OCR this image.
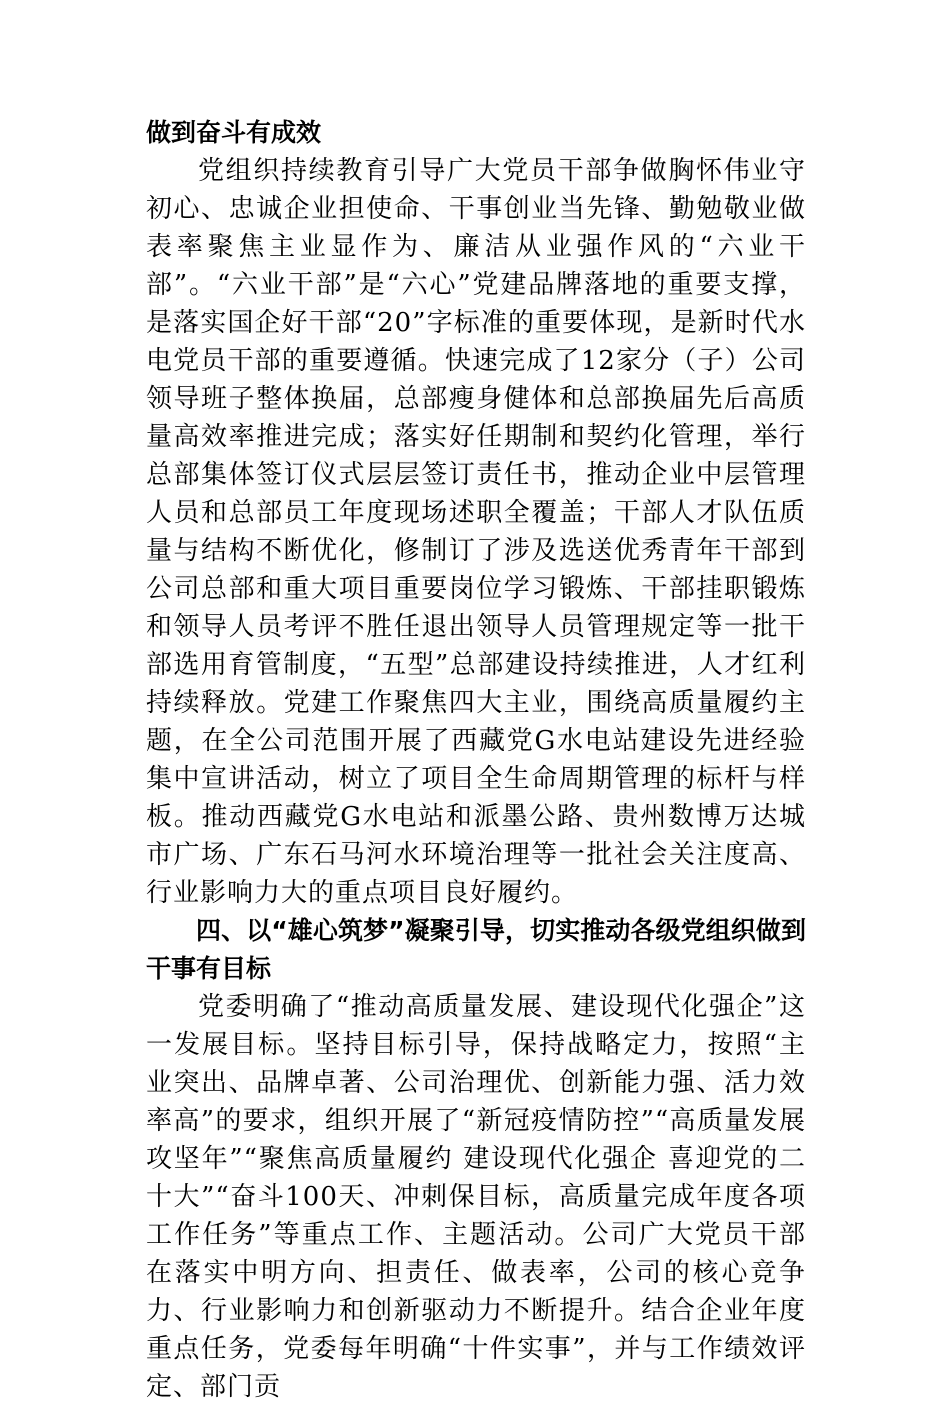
做到奋斗有成效

党组织持续教育引导广大党员干部争做胸怀伟业守初心、忠诚企业担使命、干事创业当先锋、勤勉敬业做表率聚焦主业显作为、廉洁从业强作风的“六业干部”。“六业干部”是“六心”党建品牌落地的重要支撑，是落实国企好干部“20”字标准的重要体现，是新时代水电党员干部的重要遵循。快速完成了12家分（子）公司领导班子整体换届，总部瘦身健体和总部换届先后高质量高效率推进完成；落实好任期制和契约化管理，举行总部集体签订仪式层层签订责任书，推动企业中层管理人员和总部员工年度现场述职全覆盖；干部人才队伍质量与结构不断优化，修制订了涉及选送优秀青年干部到公司总部和重大项目重要岗位学习锻炼、干部挂职锻炼和领导人员考评不胜任退出领导人员管理规定等一批干部选用育管制度，“五型”总部建设持续推进，人才红利持续释放。党建工作聚焦四大主业，围绕高质量履约主题，在全公司范围开展了西藏党G水电站建设先进经验集中宣讲活动，树立了项目全生命周期管理的标杆与样板。推动西藏党G水电站和派墨公路、贵州数博万达城市广场、广东石马河水环境治理等一批社会关注度高、行业影响力大的重点项目良好履约。

四、以“雄心筑梦”凝聚引导，切实推动各级党组织做到干事有目标

党委明确了“推动高质量发展、建设现代化强企”这一发展目标。坚持目标引导，保持战略定力，按照“主业突出、品牌卓著、公司治理优、创新能力强、活力效率高”的要求，组织开展了“新冠疫情防控”“高质量发展攻坚年”“聚焦高质量履约 建设现代化强企 喜迎党的二十大”“奋斗100天、冲刺保目标，高质量完成年度各项工作任务”等重点工作、主题活动。公司广大党员干部在落实中明方向、担责任、做表率，公司的核心竞争力、行业影响力和创新驱动力不断提升。结合企业年度重点任务，党委每年明确“十件实事”，并与工作绩效评定、部门贡
